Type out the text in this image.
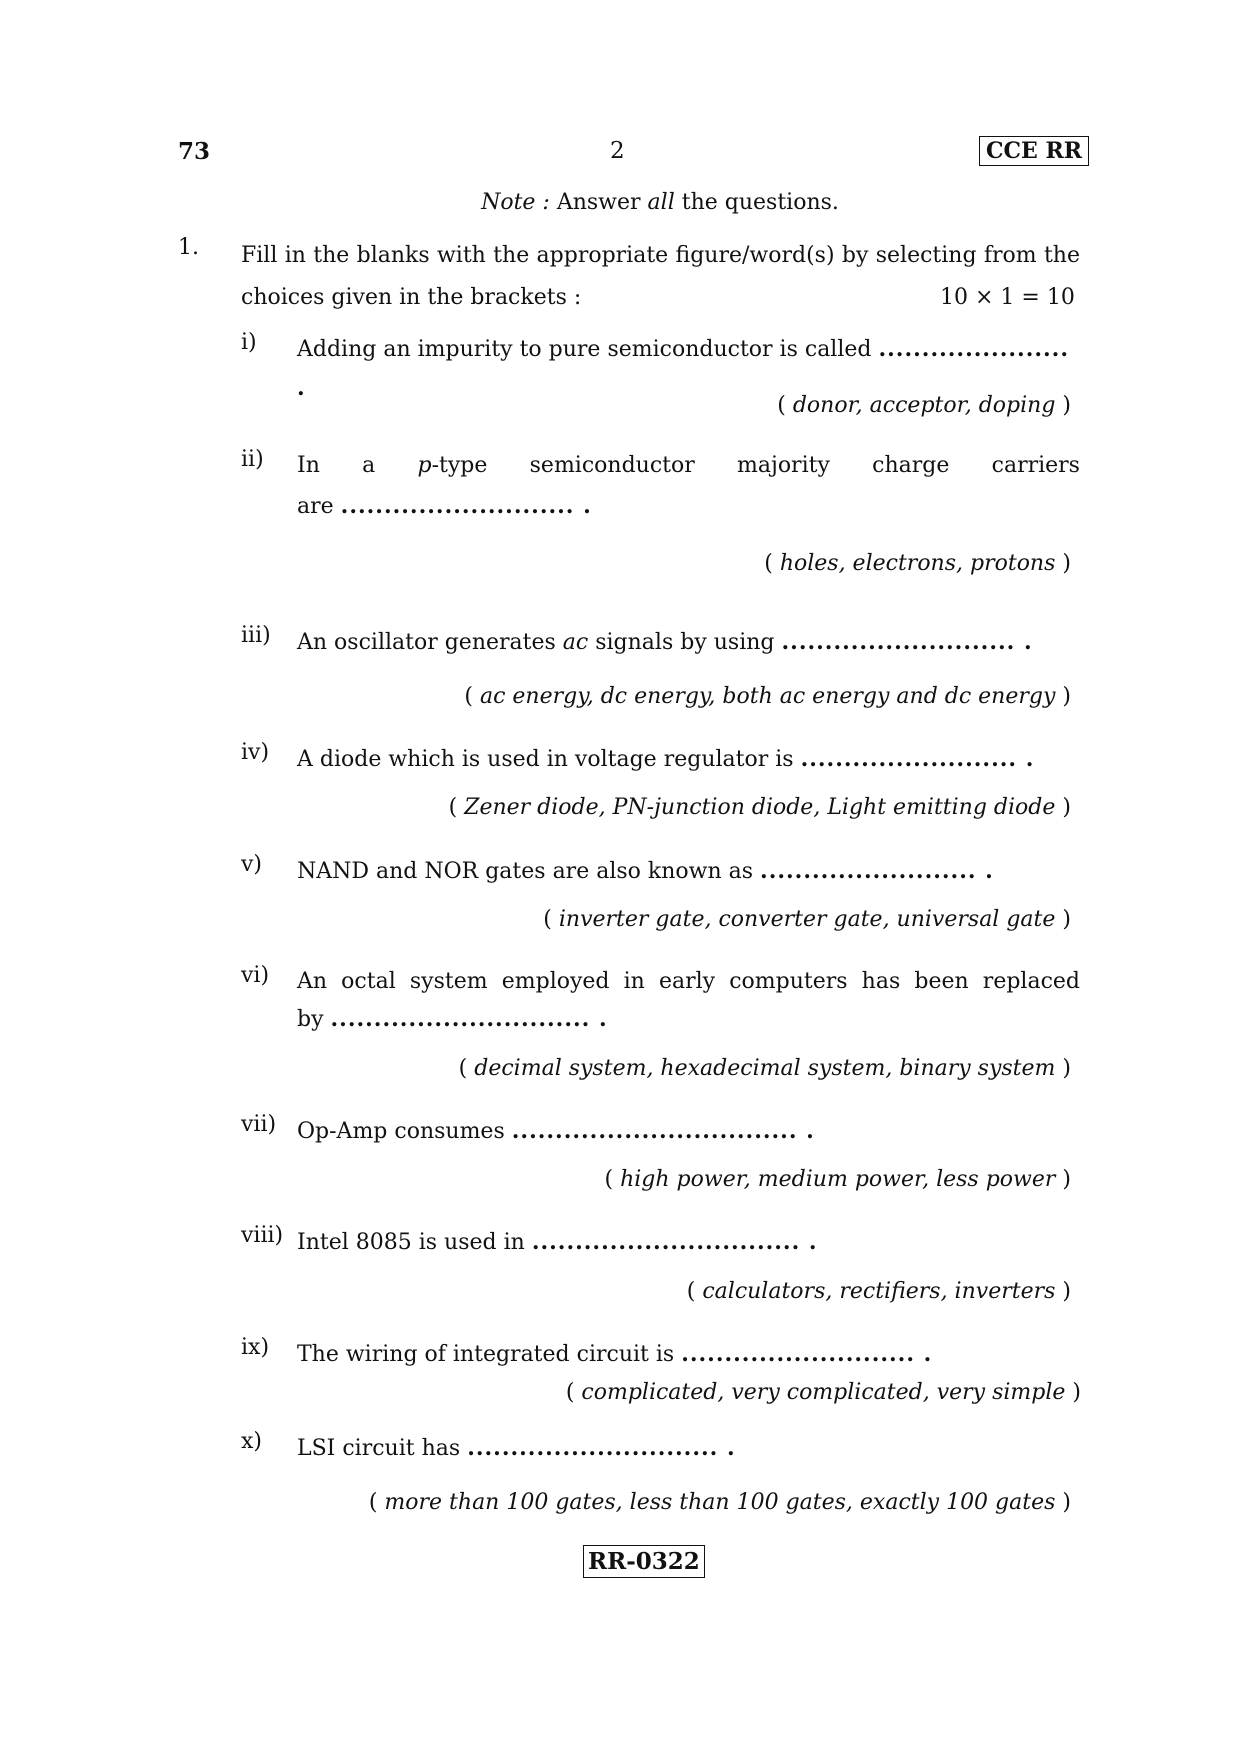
73	2	CCE RR
Note : Answer all the questions.
1. Fill in the blanks with the appropriate figure/word(s) by selecting from the
choices given in the brackets :	10 × 1 = 10
i) Adding an impurity to pure semiconductor is called ...................... .
( donor, acceptor, doping )
ii) In a p-type semiconductor majority charge carriers
are ........................... .
( holes, electrons, protons )
iii) An oscillator generates ac signals by using ........................... .
( ac energy, dc energy, both ac energy and dc energy )
iv) A diode which is used in voltage regulator is ......................... .
( Zener diode, PN-junction diode, Light emitting diode )
v) NAND and NOR gates are also known as ......................... .
( inverter gate, converter gate, universal gate )
vi) An octal system employed in early computers has been replaced
by .............................. .
( decimal system, hexadecimal system, binary system )
vii) Op-Amp consumes ................................. .
( high power, medium power, less power )
viii) Intel 8085 is used in ............................... .
( calculators, rectifiers, inverters )
ix) The wiring of integrated circuit is ........................... .
( complicated, very complicated, very simple )
x) LSI circuit has ............................. .
( more than 100 gates, less than 100 gates, exactly 100 gates )
RR-0322
